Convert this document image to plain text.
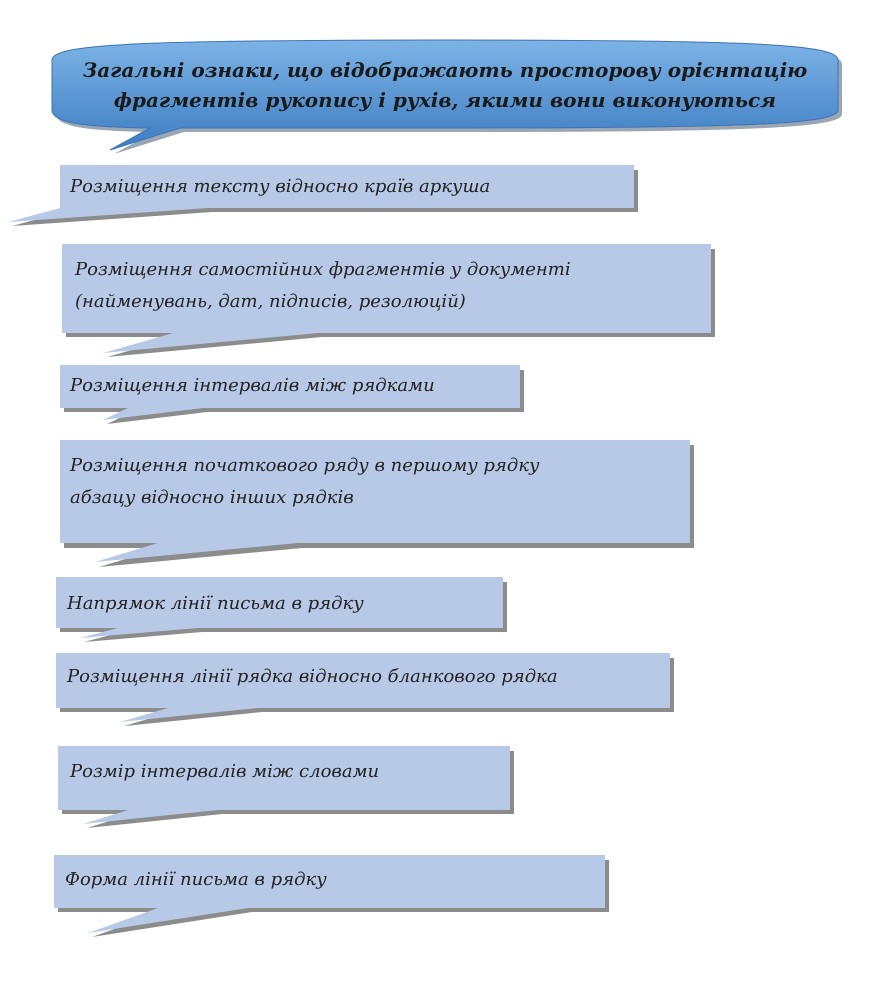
Загальні ознаки, що відображають просторову орієнтацію
фрагментів рукопису і рухів, якими вони виконуються
Розміщення тексту відносно країв аркуша
Розміщення самостійних фрагментів у документі
(найменувань, дат, підписів, резолюцій)
Розміщення інтервалів між рядками
Розміщення початкового ряду в першому рядку
абзацу відносно інших рядків
Напрямок лінії письма в рядку
Розміщення лінії рядка відносно бланкового рядка
Розмір інтервалів між словами
Форма лінії письма в рядку
